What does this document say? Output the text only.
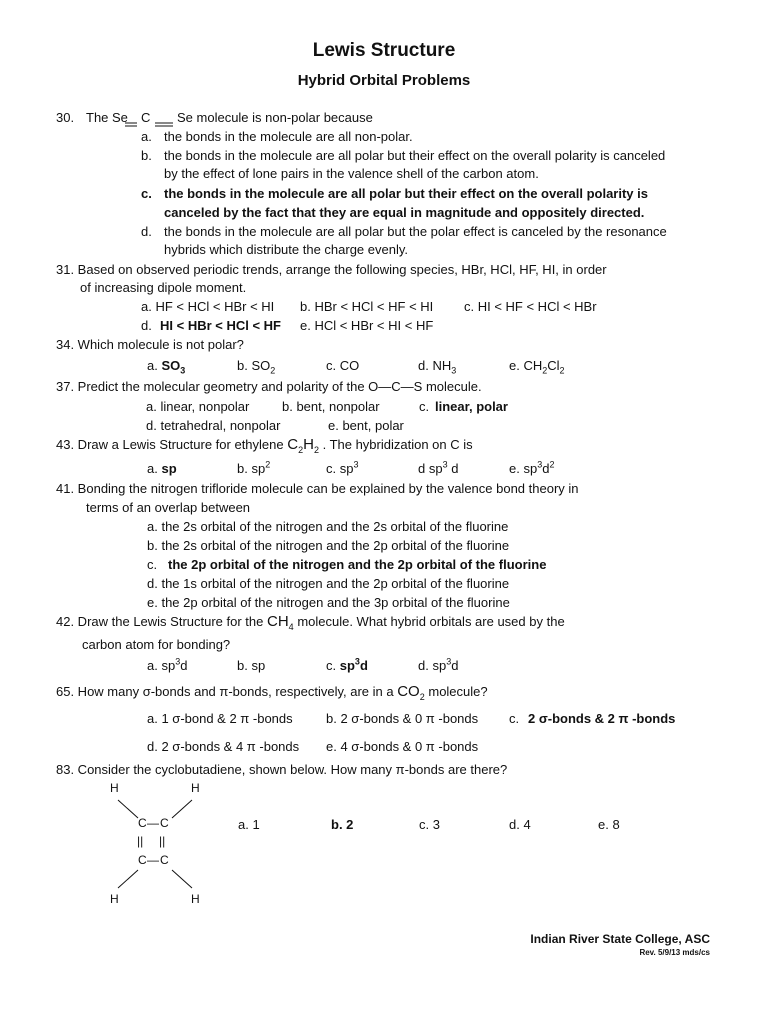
Lewis Structure
Hybrid Orbital Problems
30. The Se C Se molecule is non-polar because
a. the bonds in the molecule are all non-polar.
b. the bonds in the molecule are all polar but their effect on the overall polarity is canceled
by the effect of lone pairs in the valence shell of the carbon atom.
c. the bonds in the molecule are all polar but their effect on the overall polarity is
canceled by the fact that they are equal in magnitude and oppositely directed.
d. the bonds in the molecule are all polar but the polar effect is canceled by the resonance
hybrids which distribute the charge evenly.
31. Based on observed periodic trends, arrange the following species, HBr, HCl, HF, HI, in order
of increasing dipole moment.
a. HF < HCl < HBr < HI b. HBr < HCl < HF < HI c. HI < HF < HCl < HBr
d. HI < HBr < HCl < HF e. HCl < HBr < HI < HF
34. Which molecule is not polar?
a. $SO_3$	b. $SO_2$	c. CO	d. $NH_3$	e. $CH_2Cl_2$
37. Predict the molecular geometry and polarity of the O—C—S molecule.
a. linear, nonpolar	b. bent, nonpolar	c. linear, polar
d. tetrahedral, nonpolar	e. bent, polar
43. Draw a Lewis Structure for ethylene $C_2H_2$ . The hybridization on C is
a. sp	b. $sp^2$	c. $sp^3$	d $sp^3$ d	e. $sp^3d^2$
41. Bonding the nitrogen trifloride molecule can be explained by the valence bond theory in
terms of an overlap between
a. the 2s orbital of the nitrogen and the 2s orbital of the fluorine
b. the 2s orbital of the nitrogen and the 2p orbital of the fluorine
c. the 2p orbital of the nitrogen and the 2p orbital of the fluorine
d. the 1s orbital of the nitrogen and the 2p orbital of the fluorine
e. the 2p orbital of the nitrogen and the 3p orbital of the fluorine
42. Draw the Lewis Structure for the $CH_4$ molecule. What hybrid orbitals are used by the
carbon atom for bonding?
a. $sp^3d$	b. sp	c. $sp^3d$	d. $sp^3d$
65. How many σ-bonds and π-bonds, respectively, are in a $CO_2$ molecule?
a. 1 σ-bond & 2 π -bonds	b. 2 σ-bonds & 0 π -bonds c. 2 σ-bonds & 2 π -bonds
d. 2 σ-bonds & 4 π -bonds e. 4 σ-bonds & 0 π -bonds
83. Consider the cyclobutadiene, shown below. How many π-bonds are there?
H	H
C — C
|| ||
C — C
H	H
a. 1	b. 2	c. 3	d. 4	e. 8
Indian River State College, ASC
Rev. 5/9/13 mds/cs
